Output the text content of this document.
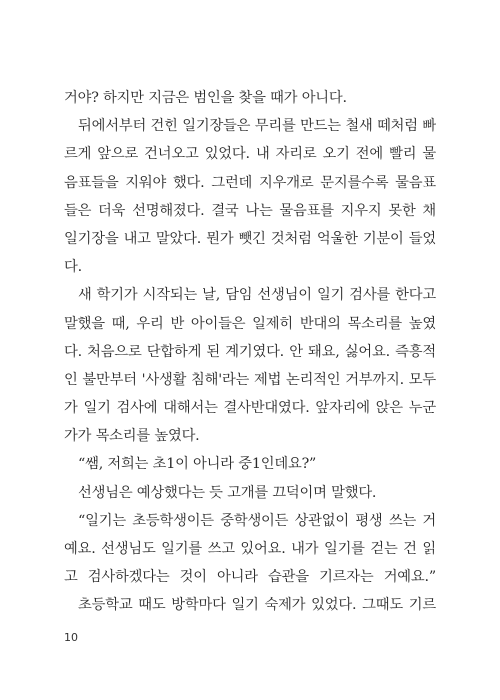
거야? 하지만 지금은 범인을 찾을 때가 아니다.
뒤에서부터 건힌 일기장들은 무리를 만드는 철새 떼처럼 빠
르게 앞으로 건너오고 있었다. 내 자리로 오기 전에 빨리 물
음표들을 지워야 했다. 그런데 지우개로 문지를수록 물음표
들은 더욱 선명해졌다. 결국 나는 물음표를 지우지 못한 채
일기장을 내고 말았다. 뭔가 뺏긴 것처럼 억울한 기분이 들었
다.
새 학기가 시작되는 날, 담임 선생님이 일기 검사를 한다고
말했을 때, 우리 반 아이들은 일제히 반대의 목소리를 높였
다. 처음으로 단합하게 된 계기였다. 안 돼요, 싫어요. 즉흥적
인 불만부터 '사생활 침해'라는 제법 논리적인 거부까지. 모두
가 일기 검사에 대해서는 결사반대였다. 앞자리에 앉은 누군
가가 목소리를 높였다.
“쌤, 저희는 초1이 아니라 중1인데요?”
선생님은 예상했다는 듯 고개를 끄덕이며 말했다.
“일기는 초등학생이든 중학생이든 상관없이 평생 쓰는 거
예요. 선생님도 일기를 쓰고 있어요. 내가 일기를 걷는 건 읽
고 검사하겠다는 것이 아니라 습관을 기르자는 거예요.”
초등학교 때도 방학마다 일기 숙제가 있었다. 그때도 기르
10
